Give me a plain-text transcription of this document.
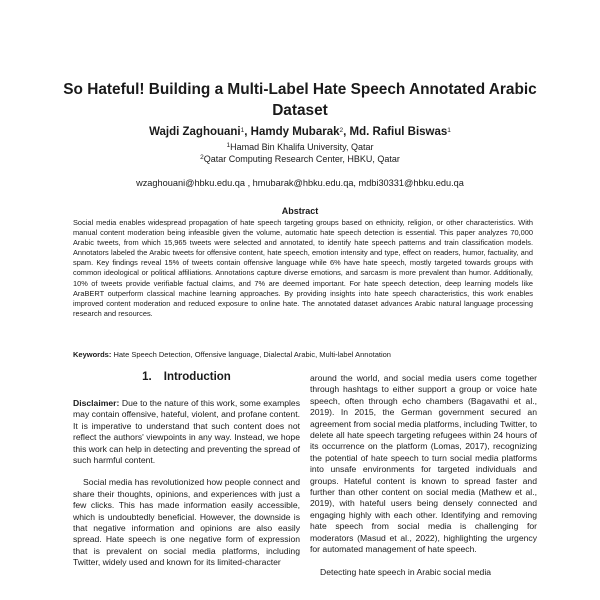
So Hateful! Building a Multi-Label Hate Speech Annotated Arabic Dataset
Wajdi Zaghouani$^1$, Hamdy Mubarak$^2$, Md. Rafiul Biswas$^1$
$^1$Hamad Bin Khalifa University, Qatar
$^2$Qatar Computing Research Center, HBKU, Qatar
wzaghouani@hbku.edu.qa , hmubarak@hbku.edu.qa, mdbi30331@hbku.edu.qa
Abstract

Social media enables widespread propagation of hate speech targeting groups based on ethnicity, religion, or other characteristics. With manual content moderation being infeasible given the volume, automatic hate speech detection is essential. This paper analyzes 70,000 Arabic tweets, from which 15,965 tweets were selected and annotated, to identify hate speech patterns and train classification models. Annotators labeled the Arabic tweets for offensive content, hate speech, emotion intensity and type, effect on readers, humor, factuality, and spam. Key findings reveal 15% of tweets contain offensive language while 6% have hate speech, mostly targeted towards groups with common ideological or political affiliations. Annotations capture diverse emotions, and sarcasm is more prevalent than humor. Additionally, 10% of tweets provide verifiable factual claims, and 7% are deemed important. For hate speech detection, deep learning models like AraBERT outperform classical machine learning approaches. By providing insights into hate speech characteristics, this work enables improved content moderation and reduced exposure to online hate. The annotated dataset advances Arabic natural language processing research and resources.

Keywords: Hate Speech Detection, Offensive language, Dialectal Arabic, Multi-label Annotation
1. Introduction

Disclaimer: Due to the nature of this work, some examples may contain offensive, hateful, violent, and profane content. It is imperative to understand that such content does not reflect the authors' viewpoints in any way. Instead, we hope this work can help in detecting and preventing the spread of such harmful content.

Social media has revolutionized how people connect and share their thoughts, opinions, and experiences with just a few clicks. This has made information easily accessible, which is undoubtedly beneficial. However, the downside is that negative information and opinions are also easily spread. Hate speech is one negative form of expression that is prevalent on social media platforms, including Twitter, widely used and known for its limited-character

around the world, and social media users come together through hashtags to either support a group or voice hate speech, often through echo chambers (Bagavathi et al., 2019). In 2015, the German government secured an agreement from social media platforms, including Twitter, to delete all hate speech targeting refugees within 24 hours of its occurrence on the platform (Lomas, 2017), recognizing the potential of hate speech to turn social media platforms into unsafe environments for targeted individuals and groups. Hateful content is known to spread faster and further than other content on social media (Mathew et al., 2019), with hateful users being densely connected and engaging highly with each other. Identifying and removing hate speech from social media is challenging for moderators (Masud et al., 2022), highlighting the urgency for automated management of hate speech.

Detecting hate speech in Arabic social media
